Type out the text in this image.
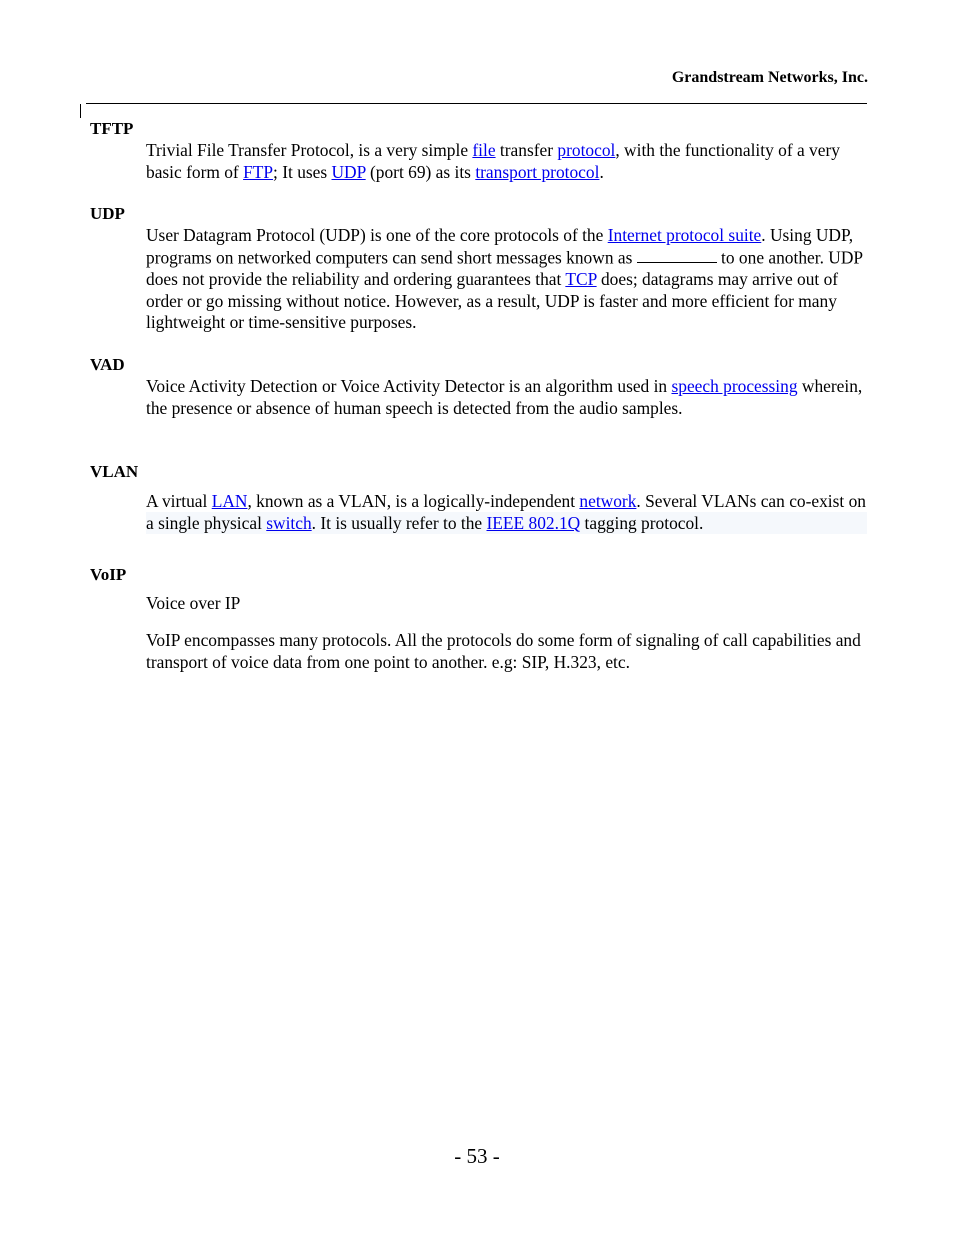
Grandstream Networks, Inc.
TFTP
Trivial File Transfer Protocol, is a very simple file transfer protocol, with the functionality of a very basic form of FTP; It uses UDP (port 69) as its transport protocol.
UDP
User Datagram Protocol (UDP) is one of the core protocols of the Internet protocol suite. Using UDP, programs on networked computers can send short messages known as	to one another. UDP does not provide the reliability and ordering guarantees that TCP does; datagrams may arrive out of order or go missing without notice. However, as a result, UDP is faster and more efficient for many lightweight or time-sensitive purposes.
VAD
Voice Activity Detection or Voice Activity Detector is an algorithm used in speech processing wherein, the presence or absence of human speech is detected from the audio samples.
VLAN
A virtual LAN, known as a VLAN, is a logically-independent network. Several VLANs can co-exist on a single physical switch. It is usually refer to the IEEE 802.1Q tagging protocol.
VoIP
Voice over IP
VoIP encompasses many protocols. All the protocols do some form of signaling of call capabilities and transport of voice data from one point to another. e.g: SIP, H.323, etc.
- 53 -
